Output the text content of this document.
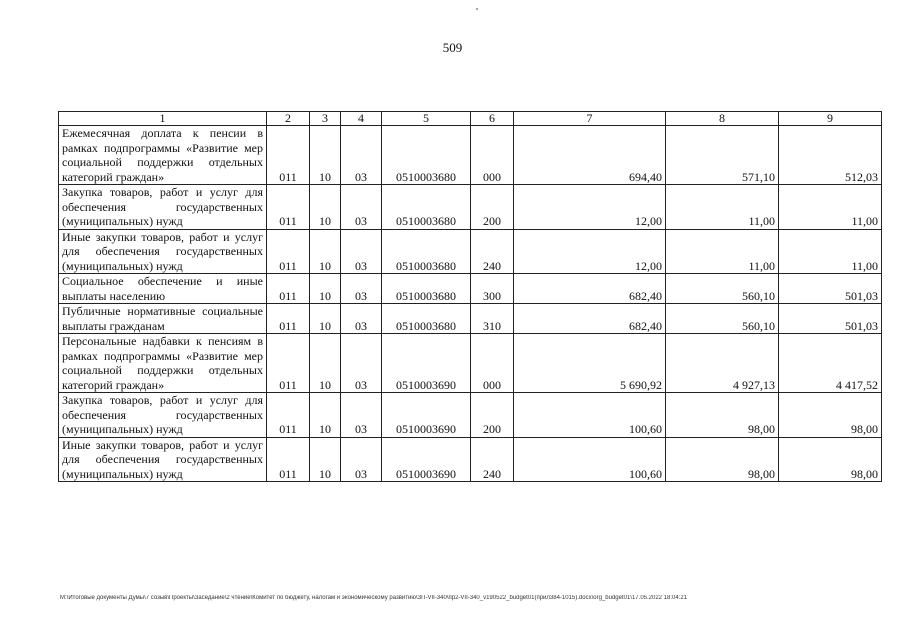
509
1	2	3	4	5	6	7	8	9
Ежемесячная доплата к пенсии в рамках подпрограммы «Развитие мер социальной поддержки отдельных категорий граждан»	011	10	03	0510003680	000	694,40	571,10	512,03
Закупка товаров, работ и услуг для обеспечения государственных (муниципальных) нужд	011	10	03	0510003680	200	12,00	11,00	11,00
Иные закупки товаров, работ и услуг для обеспечения государственных (муниципальных) нужд	011	10	03	0510003680	240	12,00	11,00	11,00
Социальное обеспечение и иные выплаты населению	011	10	03	0510003680	300	682,40	560,10	501,03
Публичные нормативные социальные выплаты гражданам	011	10	03	0510003680	310	682,40	560,10	501,03
Персональные надбавки к пенсиям в рамках подпрограммы «Развитие мер социальной поддержки отдельных категорий граждан»	011	10	03	0510003690	000	5 690,92	4 927,13	4 417,52
Закупка товаров, работ и услуг для обеспечения государственных (муниципальных) нужд	011	10	03	0510003690	200	100,60	98,00	98,00
Иные закупки товаров, работ и услуг для обеспечения государственных (муниципальных) нужд	011	10	03	0510003690	240	100,60	98,00	98,00
M:\Итоговые документы Думы\7 созыв\Проекты\Заседание\2 чтение\Комитет по бюджету, налогам и экономическому развитию\ЗП-VII-340\пр2-VII-340_v190522_budget01(прил384-1015).docx\org_budget01\17.05.2022 18:04:21
